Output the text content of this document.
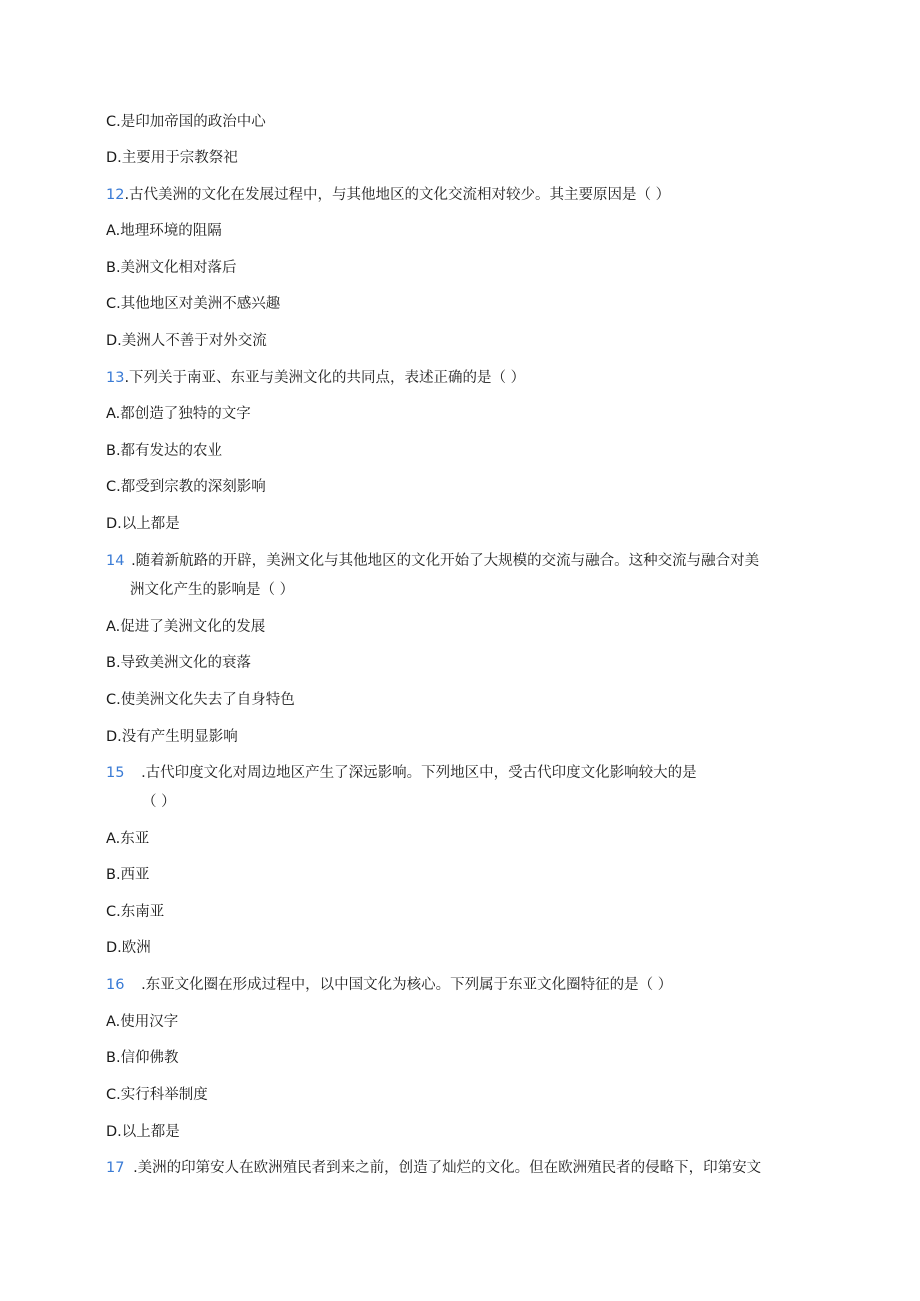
C.是印加帝国的政治中心
D.主要用于宗教祭祀
12.古代美洲的文化在发展过程中，与其他地区的文化交流相对较少。其主要原因是（ ）
A.地理环境的阻隔
B.美洲文化相对落后
C.其他地区对美洲不感兴趣
D.美洲人不善于对外交流
13.下列关于南亚、东亚与美洲文化的共同点，表述正确的是（ ）
A.都创造了独特的文字
B.都有发达的农业
C.都受到宗教的深刻影响
D.以上都是
14 .随着新航路的开辟，美洲文化与其他地区的文化开始了大规模的交流与融合。这种交流与融合对美
洲文化产生的影响是（ ）
A.促进了美洲文化的发展
B.导致美洲文化的衰落
C.使美洲文化失去了自身特色
D.没有产生明显影响
15 .古代印度文化对周边地区产生了深远影响。下列地区中，受古代印度文化影响较大的是
（ ）
A.东亚
B.西亚
C.东南亚
D.欧洲
16 .东亚文化圈在形成过程中，以中国文化为核心。下列属于东亚文化圈特征的是（ ）
A.使用汉字
B.信仰佛教
C.实行科举制度
D.以上都是
17 .美洲的印第安人在欧洲殖民者到来之前，创造了灿烂的文化。但在欧洲殖民者的侵略下，印第安文
